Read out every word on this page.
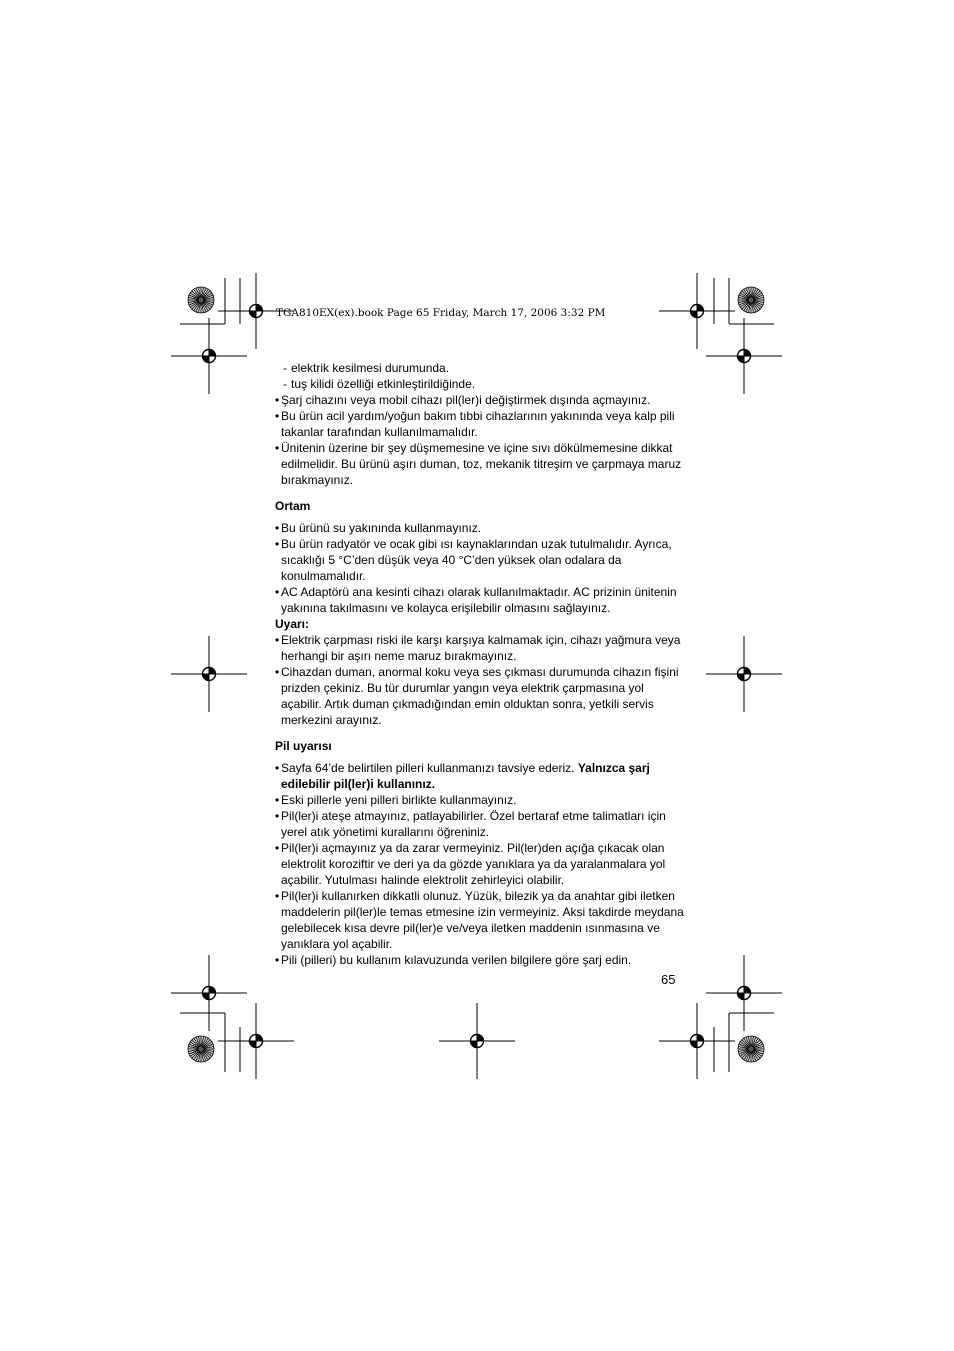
TGA810EX(ex).book Page 65 Friday, March 17, 2006 3:32 PM
- elektrik kesilmesi durumunda.
- tuş kilidi özelliği etkinleştirildiğinde.
• Şarj cihazını veya mobil cihazı pil(ler)i değiştirmek dışında açmayınız.
• Bu ürün acil yardım/yoğun bakım tıbbi cihazlarının yakınında veya kalp pili takanlar tarafından kullanılmamalıdır.
• Ünitenin üzerine bir şey düşmemesine ve içine sıvı dökülmemesine dikkat edilmelidir. Bu ürünü aşırı duman, toz, mekanik titreşim ve çarpmaya maruz bırakmayınız.
Ortam
• Bu ürünü su yakınında kullanmayınız.
• Bu ürün radyatör ve ocak gibi ısı kaynaklarından uzak tutulmalıdır. Ayrıca, sıcaklığı 5 °C’den düşük veya 40 °C’den yüksek olan odalara da konulmamalıdır.
• AC Adaptörü ana kesinti cihazı olarak kullanılmaktadır. AC prizinin ünitenin yakınına takılmasını ve kolayca erişilebilir olmasını sağlayınız.
Uyarı:
• Elektrik çarpması riski ile karşı karşıya kalmamak için, cihazı yağmura veya herhangi bir aşırı neme maruz bırakmayınız.
• Cihazdan duman, anormal koku veya ses çıkması durumunda cihazın fişini prizden çekiniz. Bu tür durumlar yangın veya elektrik çarpmasına yol açabilir. Artık duman çıkmadığından emin olduktan sonra, yetkili servis merkezini arayınız.
Pil uyarısı
• Sayfa 64’de belirtilen pilleri kullanmanızı tavsiye ederiz. Yalnızca şarj edilebilir pil(ler)i kullanınız.
• Eski pillerle yeni pilleri birlikte kullanmayınız.
• Pil(ler)i ateşe atmayınız, patlayabilirler. Özel bertaraf etme talimatları için yerel atık yönetimi kurallarını öğreniniz.
• Pil(ler)i açmayınız ya da zarar vermeyiniz. Pil(ler)den açığa çıkacak olan elektrolit koroziftir ve deri ya da gözde yanıklara ya da yaralanmalara yol açabilir. Yutulması halinde elektrolit zehirleyici olabilir.
• Pil(ler)i kullanırken dikkatli olunuz. Yüzük, bilezik ya da anahtar gibi iletken maddelerin pil(ler)le temas etmesine izin vermeyiniz. Aksi takdirde meydana gelebilecek kısa devre pil(ler)e ve/veya iletken maddenin ısınmasına ve yanıklara yol açabilir.
• Pili (pilleri) bu kullanım kılavuzunda verilen bilgilere göre şarj edin.
65
